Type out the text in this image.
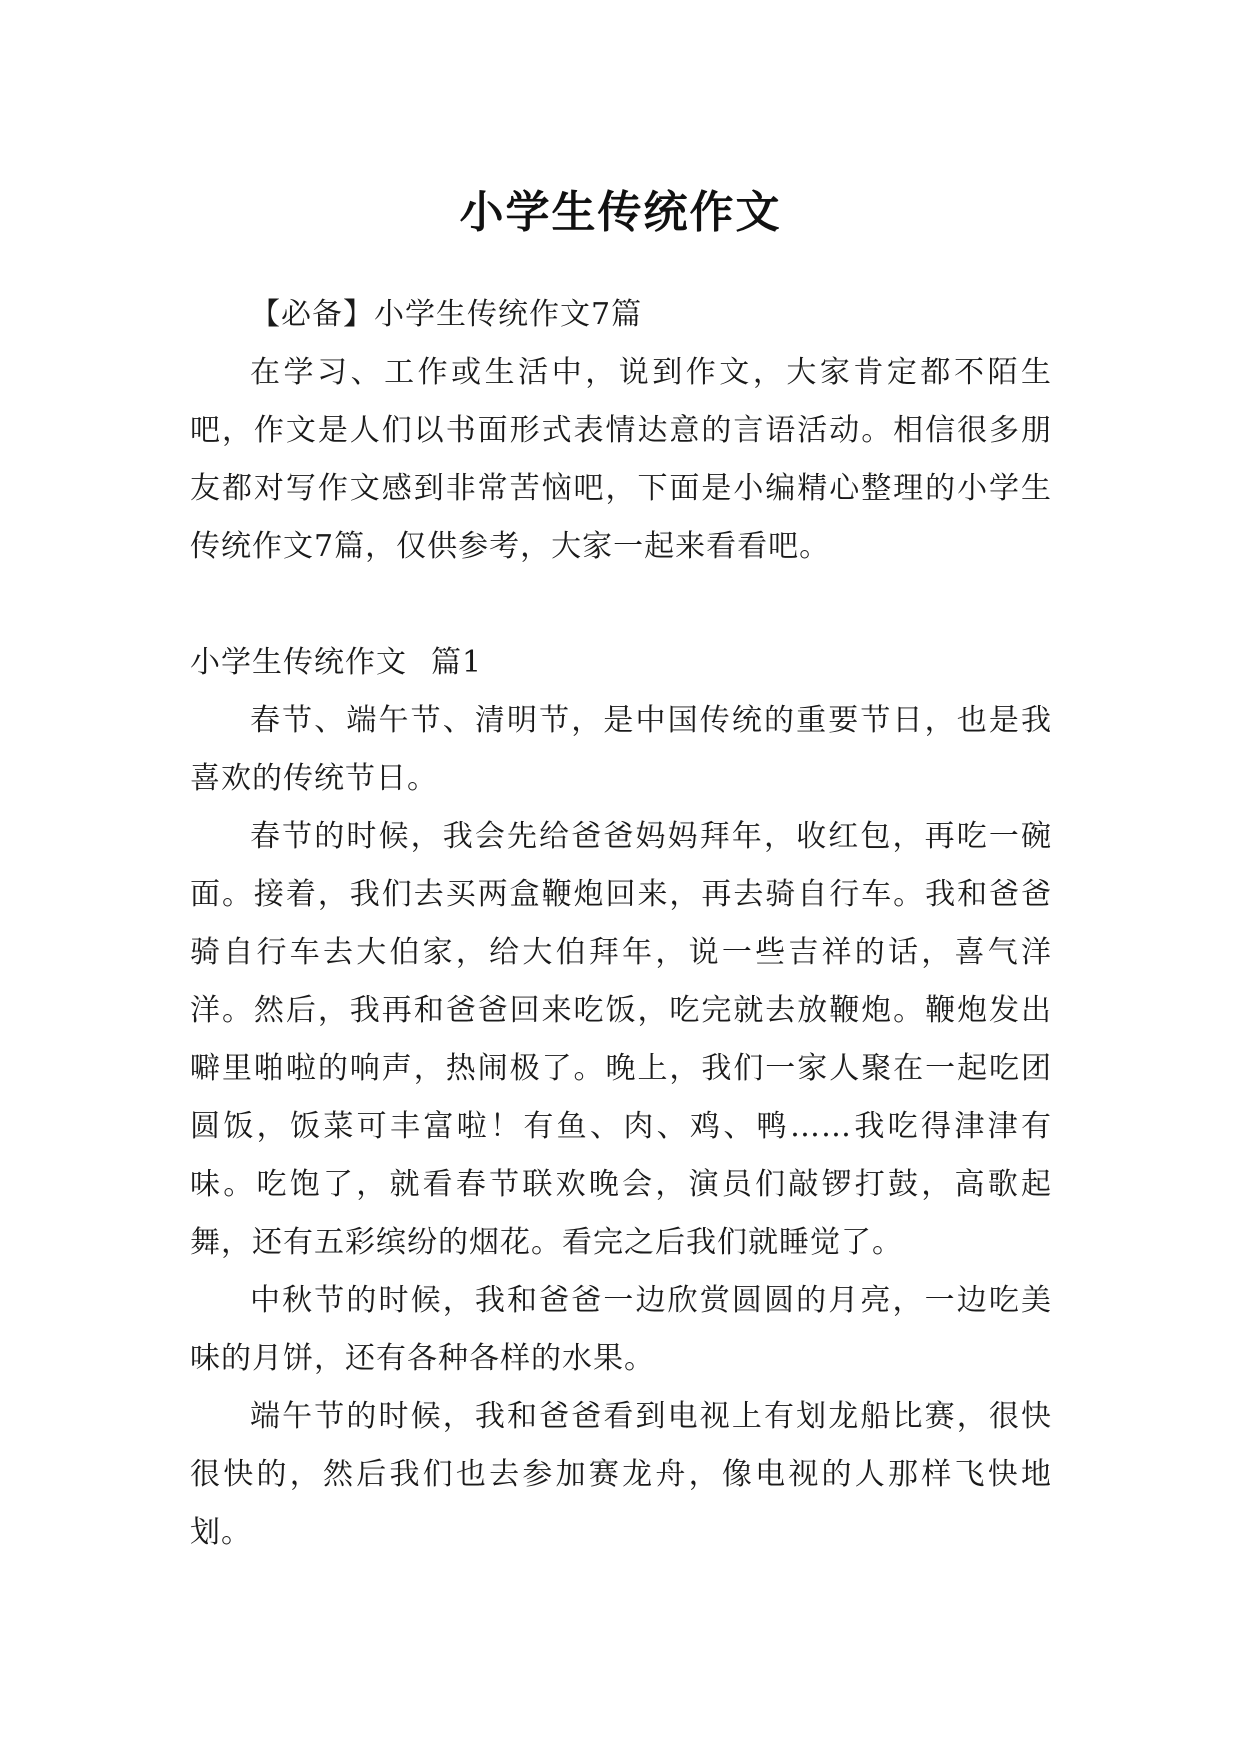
小学生传统作文

【必备】小学生传统作文7篇

在学习、工作或生活中，说到作文，大家肯定都不陌生吧，作文是人们以书面形式表情达意的言语活动。相信很多朋友都对写作文感到非常苦恼吧，下面是小编精心整理的小学生传统作文7篇，仅供参考，大家一起来看看吧。

小学生传统作文 篇1

春节、端午节、清明节，是中国传统的重要节日，也是我喜欢的传统节日。

春节的时候，我会先给爸爸妈妈拜年，收红包，再吃一碗面。接着，我们去买两盒鞭炮回来，再去骑自行车。我和爸爸骑自行车去大伯家，给大伯拜年，说一些吉祥的话，喜气洋洋。然后，我再和爸爸回来吃饭，吃完就去放鞭炮。鞭炮发出噼里啪啦的响声，热闹极了。晚上，我们一家人聚在一起吃团圆饭，饭菜可丰富啦！有鱼、肉、鸡、鸭……我吃得津津有味。吃饱了，就看春节联欢晚会，演员们敲锣打鼓，高歌起舞，还有五彩缤纷的烟花。看完之后我们就睡觉了。

中秋节的时候，我和爸爸一边欣赏圆圆的月亮，一边吃美味的月饼，还有各种各样的水果。

端午节的时候，我和爸爸看到电视上有划龙船比赛，很快很快的，然后我们也去参加赛龙舟，像电视的人那样飞快地划。
